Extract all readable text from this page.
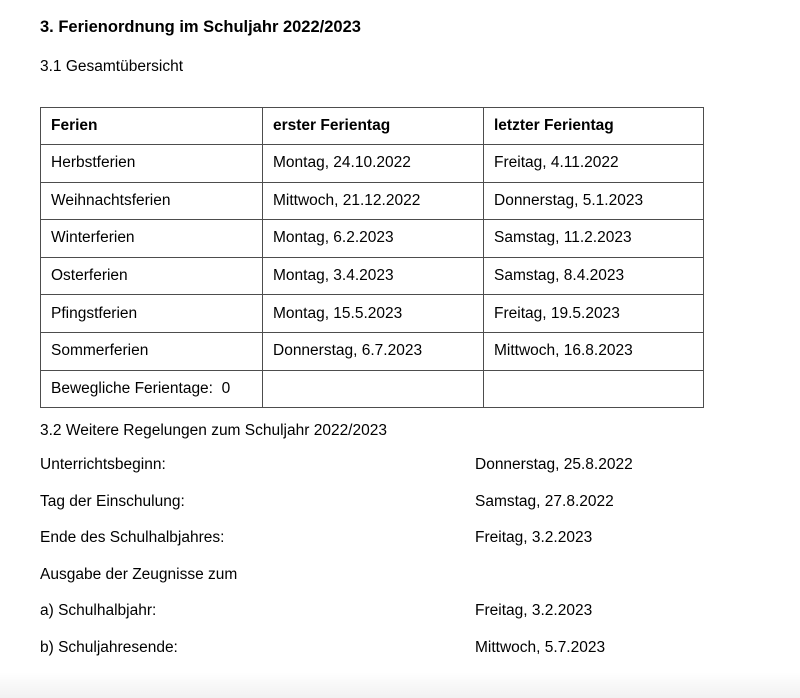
3. Ferienordnung im Schuljahr 2022/2023
3.1 Gesamtübersicht
Ferien	erster Ferientag	letzter Ferientag
Herbstferien	Montag, 24.10.2022	Freitag, 4.11.2022
Weihnachtsferien	Mittwoch, 21.12.2022	Donnerstag, 5.1.2023
Winterferien	Montag, 6.2.2023	Samstag, 11.2.2023
Osterferien	Montag, 3.4.2023	Samstag, 8.4.2023
Pfingstferien	Montag, 15.5.2023	Freitag, 19.5.2023
Sommerferien	Donnerstag, 6.7.2023	Mittwoch, 16.8.2023
Bewegliche Ferientage:  0		
3.2 Weitere Regelungen zum Schuljahr 2022/2023
Unterrichtsbeginn:	Donnerstag, 25.8.2022
Tag der Einschulung:	Samstag, 27.8.2022
Ende des Schulhalbjahres:	Freitag, 3.2.2023
Ausgabe der Zeugnisse zum
a) Schulhalbjahr:	Freitag, 3.2.2023
b) Schuljahresende:	Mittwoch, 5.7.2023
